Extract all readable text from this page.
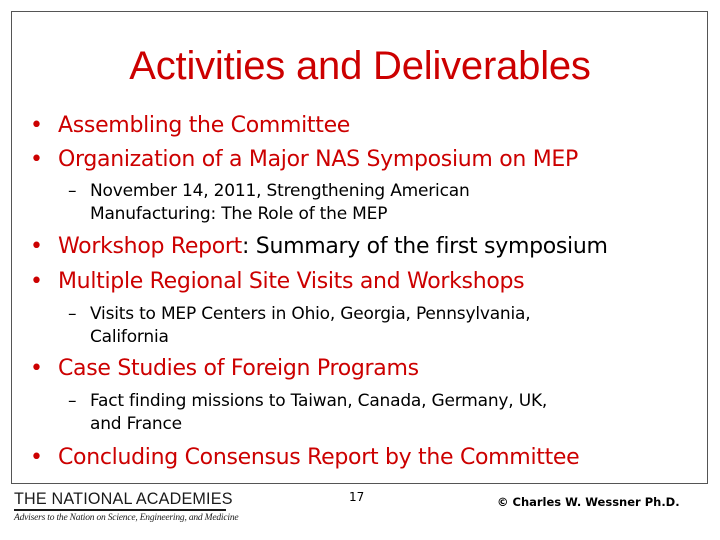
Activities and Deliverables
• Assembling the Committee
• Organization of a Major NAS Symposium on MEP
– November 14, 2011, Strengthening American
Manufacturing: The Role of the MEP
• Workshop Report: Summary of the first symposium
• Multiple Regional Site Visits and Workshops
– Visits to MEP Centers in Ohio, Georgia, Pennsylvania,
California
• Case Studies of Foreign Programs
– Fact finding missions to Taiwan, Canada, Germany, UK,
and France
• Concluding Consensus Report by the Committee
THE NATIONAL ACADEMIES
Advisers to the Nation on Science, Engineering, and Medicine
17	© Charles W. Wessner Ph.D.
